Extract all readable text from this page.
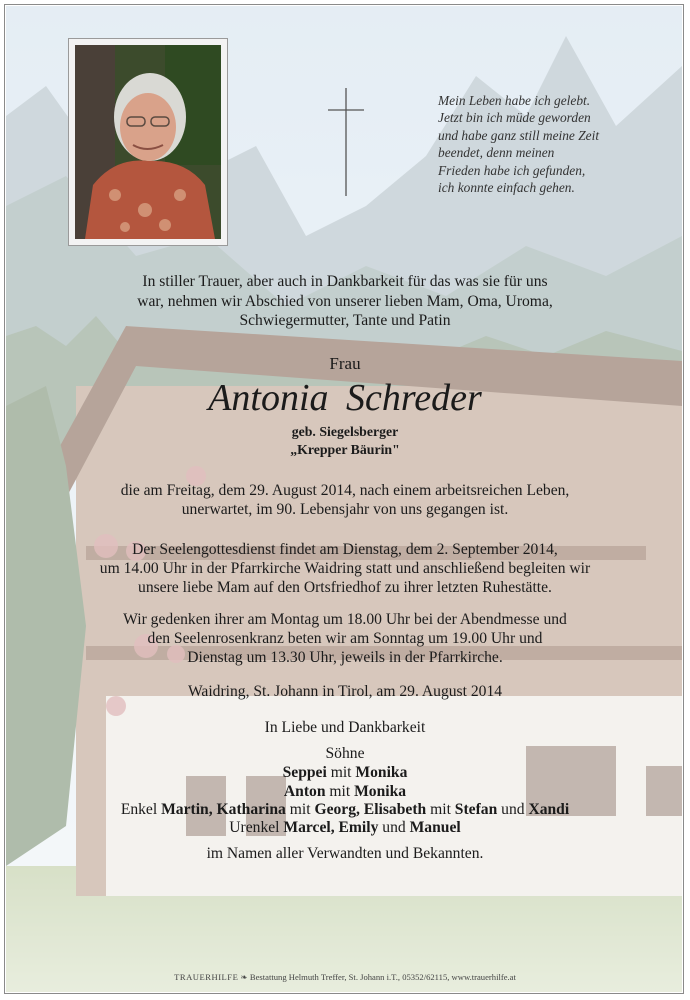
Mein Leben habe ich gelebt.
Jetzt bin ich müde geworden
und habe ganz still meine Zeit
beendet, denn meinen
Frieden habe ich gefunden,
ich konnte einfach gehen.
In stiller Trauer, aber auch in Dankbarkeit für das was sie für uns
war, nehmen wir Abschied von unserer lieben Mam, Oma, Uroma,
Schwiegermutter, Tante und Patin
Frau
Antonia Schreder
geb. Siegelsberger
„Krepper Bäurin"
die am Freitag, dem 29. August 2014, nach einem arbeitsreichen Leben,
unerwartet, im 90. Lebensjahr von uns gegangen ist.
Der Seelengottesdienst findet am Dienstag, dem 2. September 2014,
um 14.00 Uhr in der Pfarrkirche Waidring statt und anschließend begleiten wir
unsere liebe Mam auf den Ortsfriedhof zu ihrer letzten Ruhestätte.
Wir gedenken ihrer am Montag um 18.00 Uhr bei der Abendmesse und
den Seelenrosenkranz beten wir am Sonntag um 19.00 Uhr und
Dienstag um 13.30 Uhr, jeweils in der Pfarrkirche.
Waidring, St. Johann in Tirol, am 29. August 2014
In Liebe und Dankbarkeit
Söhne
Seppei mit Monika
Anton mit Monika
Enkel Martin, Katharina mit Georg, Elisabeth mit Stefan und Xandi
Urenkel Marcel, Emily und Manuel
im Namen aller Verwandten und Bekannten.
TRAUERHILFE ❧ Bestattung Helmuth Treffer, St. Johann i.T., 05352/62115, www.trauerhilfe.at
